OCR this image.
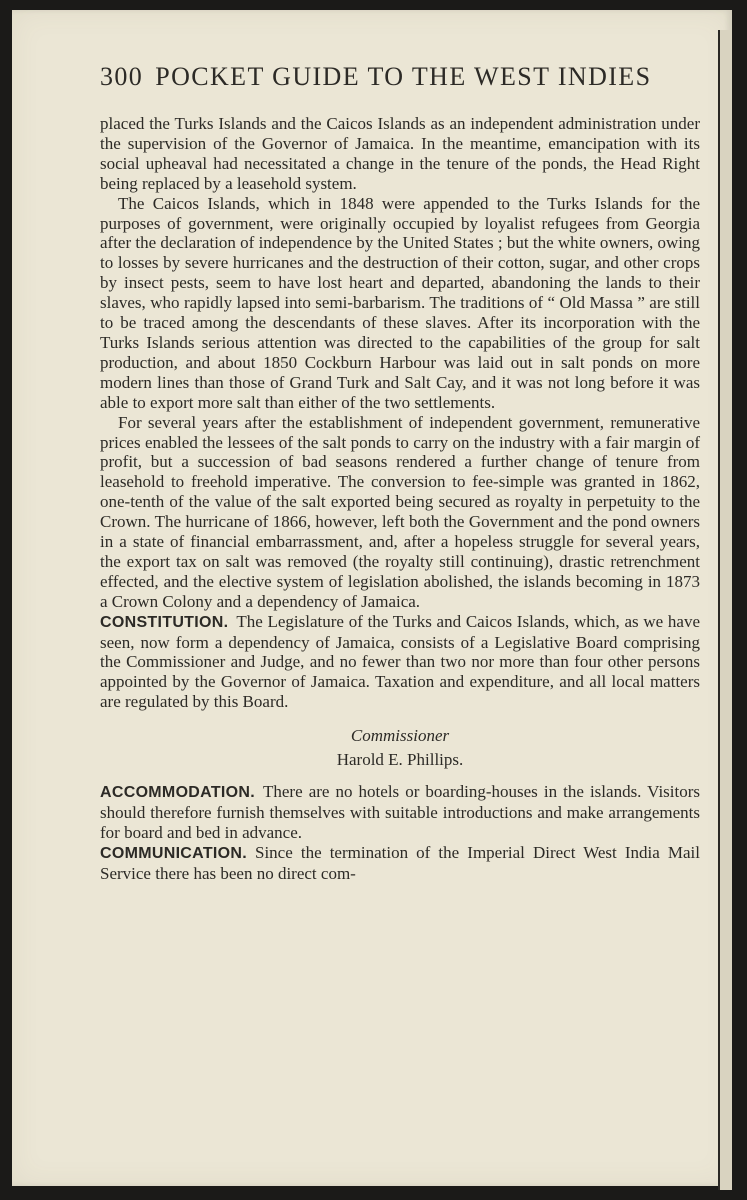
300 POCKET GUIDE TO THE WEST INDIES

placed the Turks Islands and the Caicos Islands as an independent administration under the supervision of the Governor of Jamaica. In the meantime, emancipation with its social upheaval had necessitated a change in the tenure of the ponds, the Head Right being replaced by a leasehold system.

The Caicos Islands, which in 1848 were appended to the Turks Islands for the purposes of government, were originally occupied by loyalist refugees from Georgia after the declaration of independence by the United States ; but the white owners, owing to losses by severe hurricanes and the destruction of their cotton, sugar, and other crops by insect pests, seem to have lost heart and departed, abandoning the lands to their slaves, who rapidly lapsed into semi-barbarism. The traditions of “ Old Massa ” are still to be traced among the descendants of these slaves. After its incorporation with the Turks Islands serious attention was directed to the capabilities of the group for salt production, and about 1850 Cockburn Harbour was laid out in salt ponds on more modern lines than those of Grand Turk and Salt Cay, and it was not long before it was able to export more salt than either of the two settlements.

For several years after the establishment of independent government, remunerative prices enabled the lessees of the salt ponds to carry on the industry with a fair margin of profit, but a succession of bad seasons rendered a further change of tenure from leasehold to freehold imperative. The conversion to fee-simple was granted in 1862, one-tenth of the value of the salt exported being secured as royalty in perpetuity to the Crown. The hurricane of 1866, however, left both the Government and the pond owners in a state of financial embarrassment, and, after a hopeless struggle for several years, the export tax on salt was removed (the royalty still continuing), drastic retrenchment effected, and the elective system of legislation abolished, the islands becoming in 1873 a Crown Colony and a dependency of Jamaica.

CONSTITUTION. The Legislature of the Turks and Caicos Islands, which, as we have seen, now form a dependency of Jamaica, consists of a Legislative Board comprising the Commissioner and Judge, and no fewer than two nor more than four other persons appointed by the Governor of Jamaica. Taxation and expenditure, and all local matters are regulated by this Board.

Commissioner
Harold E. Phillips.

ACCOMMODATION. There are no hotels or boarding-houses in the islands. Visitors should therefore furnish themselves with suitable introductions and make arrangements for board and bed in advance.

COMMUNICATION. Since the termination of the Imperial Direct West India Mail Service there has been no direct com-
